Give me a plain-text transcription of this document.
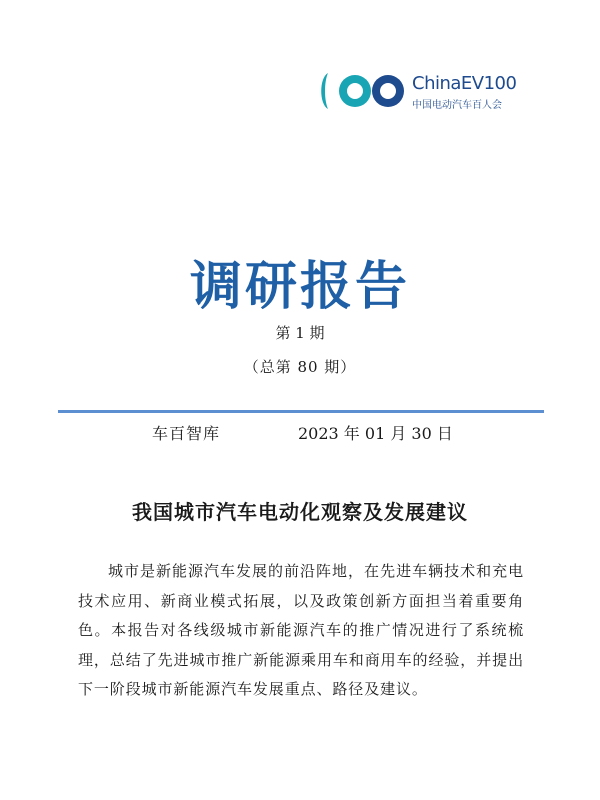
ChinaEV100
中国电动汽车百人会
调研报告
第 1 期
（总第 80 期）
车百智库	2023 年 01 月 30 日
我国城市汽车电动化观察及发展建议

城市是新能源汽车发展的前沿阵地，在先进车辆技术和充电技术应用、新商业模式拓展，以及政策创新方面担当着重要角色。本报告对各线级城市新能源汽车的推广情况进行了系统梳理，总结了先进城市推广新能源乘用车和商用车的经验，并提出下一阶段城市新能源汽车发展重点、路径及建议。
